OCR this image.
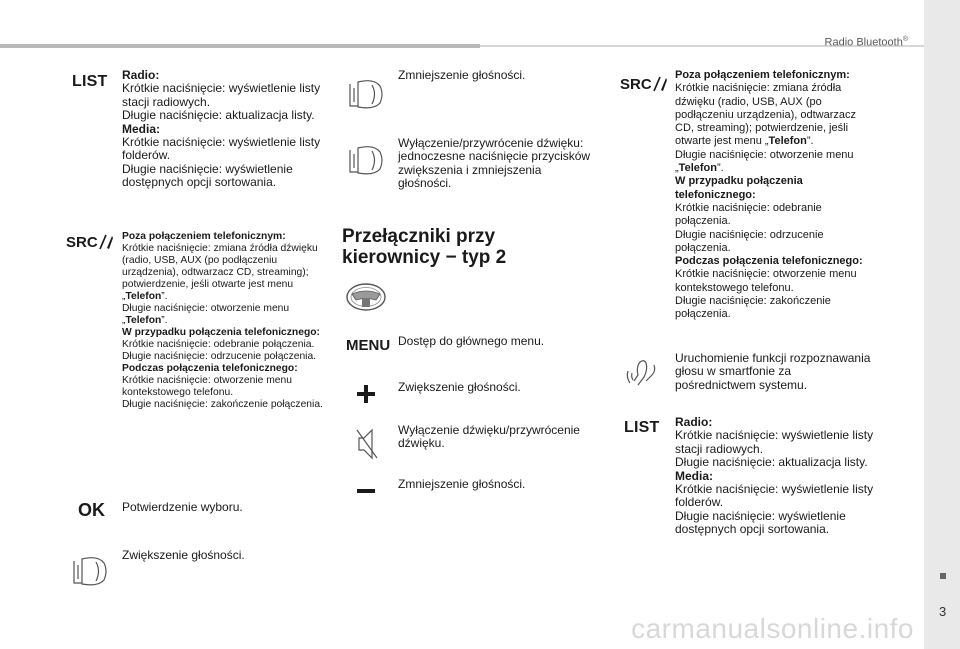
Radio Bluetooth®
3
carmanualsonline.info
LIST Radio:

Krótkie naciśnięcie: wyświetlenie listy stacji radiowych.

Długie naciśnięcie: aktualizacja listy.

Media:

Krótkie naciśnięcie: wyświetlenie listy folderów.

Długie naciśnięcie: wyświetlenie dostępnych opcji sortowania.

SRC Poza połączeniem telefonicznym:

Krótkie naciśnięcie: zmiana źródła dźwięku (radio, USB, AUX (po podłączeniu urządzenia), odtwarzacz CD, streaming); potwierdzenie, jeśli otwarte jest menu „Telefon”.

Długie naciśnięcie: otworzenie menu „Telefon”.

W przypadku połączenia telefonicznego:

Krótkie naciśnięcie: odebranie połączenia.

Długie naciśnięcie: odrzucenie połączenia.

Podczas połączenia telefonicznego:

Krótkie naciśnięcie: otworzenie menu kontekstowego telefonu.

Długie naciśnięcie: zakończenie połączenia.

OK Potwierdzenie wyboru.
Zwiększenie głośności.
Zmniejszenie głośności.
Wyłączenie/przywrócenie dźwięku: jednoczesne naciśnięcie przycisków zwiększenia i zmniejszenia głośności.
Przełączniki przy
kierownicy − typ 2
MENU Dostęp do głównego menu.
Zwiększenie głośności.
Wyłączenie dźwięku/przywrócenie dźwięku.
Zmniejszenie głośności.
SRC

Poza połączeniem telefonicznym:

Krótkie naciśnięcie: zmiana źródła dźwięku (radio, USB, AUX (po podłączeniu urządzenia), odtwarzacz CD, streaming); potwierdzenie, jeśli otwarte jest menu „Telefon”.

Długie naciśnięcie: otworzenie menu „Telefon”.

W przypadku połączenia telefonicznego:

Krótkie naciśnięcie: odebranie połączenia.

Długie naciśnięcie: odrzucenie połączenia.

Podczas połączenia telefonicznego:

Krótkie naciśnięcie: otworzenie menu kontekstowego telefonu.

Długie naciśnięcie: zakończenie połączenia.

Uruchomienie funkcji rozpoznawania głosu w smartfonie za pośrednictwem systemu.
LIST Radio:

Krótkie naciśnięcie: wyświetlenie listy stacji radiowych.

Długie naciśnięcie: aktualizacja listy.

Media:

Krótkie naciśnięcie: wyświetlenie listy folderów.

Długie naciśnięcie: wyświetlenie dostępnych opcji sortowania.
